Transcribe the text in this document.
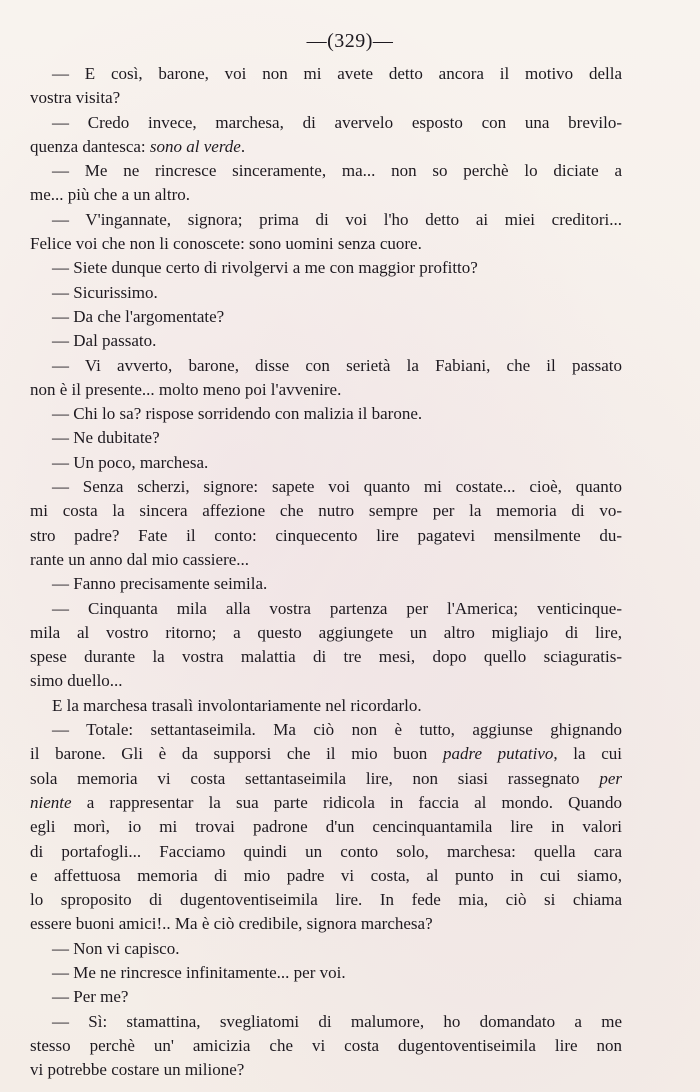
—(329)—
— E così, barone, voi non mi avete detto ancora il motivo della
vostra visita?
— Credo invece, marchesa, di avervelo esposto con una brevilo-
quenza dantesca: sono al verde.
— Me ne rincresce sinceramente, ma... non so perchè lo diciate a
me... più che a un altro.
— V'ingannate, signora; prima di voi l'ho detto ai miei creditori...
Felice voi che non li conoscete: sono uomini senza cuore.
— Siete dunque certo di rivolgervi a me con maggior profitto?
— Sicurissimo.
— Da che l'argomentate?
— Dal passato.
— Vi avverto, barone, disse con serietà la Fabiani, che il passato
non è il presente... molto meno poi l'avvenire.
— Chi lo sa? rispose sorridendo con malizia il barone.
— Ne dubitate?
— Un poco, marchesa.
— Senza scherzi, signore: sapete voi quanto mi costate... cioè, quanto
mi costa la sincera affezione che nutro sempre per la memoria di vo-
stro padre? Fate il conto: cinquecento lire pagatevi mensilmente du-
rante un anno dal mio cassiere...
— Fanno precisamente seimila.
— Cinquanta mila alla vostra partenza per l'America; venticinque-
mila al vostro ritorno; a questo aggiungete un altro migliajo di lire,
spese durante la vostra malattia di tre mesi, dopo quello sciaguratis-
simo duello...
E la marchesa trasalì involontariamente nel ricordarlo.
— Totale: settantaseimila. Ma ciò non è tutto, aggiunse ghignando
il barone. Gli è da supporsi che il mio buon padre putativo, la cui
sola memoria vi costa settantaseimila lire, non siasi rassegnato per
niente a rappresentar la sua parte ridicola in faccia al mondo. Quando
egli morì, io mi trovai padrone d'un cencinquantamila lire in valori
di portafogli... Facciamo quindi un conto solo, marchesa: quella cara
e affettuosa memoria di mio padre vi costa, al punto in cui siamo,
lo sproposito di dugentoventiseimila lire. In fede mia, ciò si chiama
essere buoni amici!.. Ma è ciò credibile, signora marchesa?
— Non vi capisco.
— Me ne rincresce infinitamente... per voi.
— Per me?
— Sì: stamattina, svegliatomi di malumore, ho domandato a me
stesso perchè un' amicizia che vi costa dugentoventiseimila lire non
vi potrebbe costare un milione?
